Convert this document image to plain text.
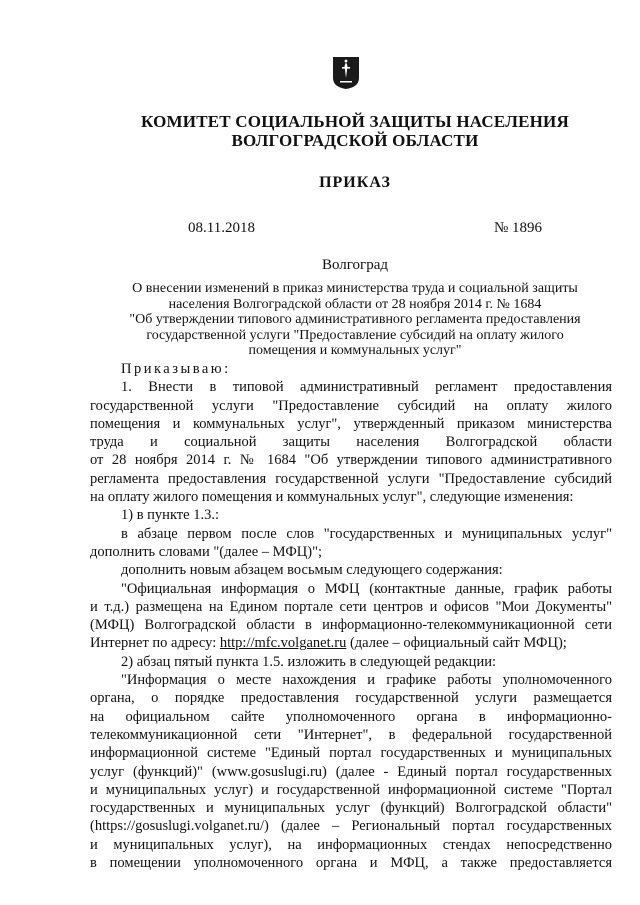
КОМИТЕТ СОЦИАЛЬНОЙ ЗАЩИТЫ НАСЕЛЕНИЯ
ВОЛГОГРАДСКОЙ ОБЛАСТИ
ПРИКАЗ
08.11.2018	№ 1896
Волгоград
О внесении изменений в приказ министерства труда и социальной защиты
населения Волгоградской области от 28 ноября 2014 г. № 1684
"Об утверждении типового административного регламента предоставления
государственной услуги "Предоставление субсидий на оплату жилого
помещения и коммунальных услуг"
Приказываю:
1. Внести в типовой административный регламент предоставления
государственной услуги "Предоставление субсидий на оплату жилого
помещения и коммунальных услуг", утвержденный приказом министерства
труда и социальной защиты населения Волгоградской области
от 28 ноября 2014 г. № 1684 "Об утверждении типового административного
регламента предоставления государственной услуги "Предоставление субсидий
на оплату жилого помещения и коммунальных услуг", следующие изменения:
1) в пункте 1.3.:
в абзаце первом после слов "государственных и муниципальных услуг"
дополнить словами "(далее – МФЦ)";
дополнить новым абзацем восьмым следующего содержания:
"Официальная информация о МФЦ (контактные данные, график работы
и т.д.) размещена на Едином портале сети центров и офисов "Мои Документы"
(МФЦ) Волгоградской области в информационно-телекоммуникационной сети
Интернет по адресу: http://mfc.volganet.ru (далее – официальный сайт МФЦ);
2) абзац пятый пункта 1.5. изложить в следующей редакции:
"Информация о месте нахождения и графике работы уполномоченного
органа, о порядке предоставления государственной услуги размещается
на официальном сайте уполномоченного органа в информационно-
телекоммуникационной сети "Интернет", в федеральной государственной
информационной системе "Единый портал государственных и муниципальных
услуг (функций)" (www.gosuslugi.ru) (далее - Единый портал государственных
и муниципальных услуг) и государственной информационной системе "Портал
государственных и муниципальных услуг (функций) Волгоградской области"
(https://gosuslugi.volganet.ru/) (далее – Региональный портал государственных
и муниципальных услуг), на информационных стендах непосредственно
в помещении уполномоченного органа и МФЦ, а также предоставляется
